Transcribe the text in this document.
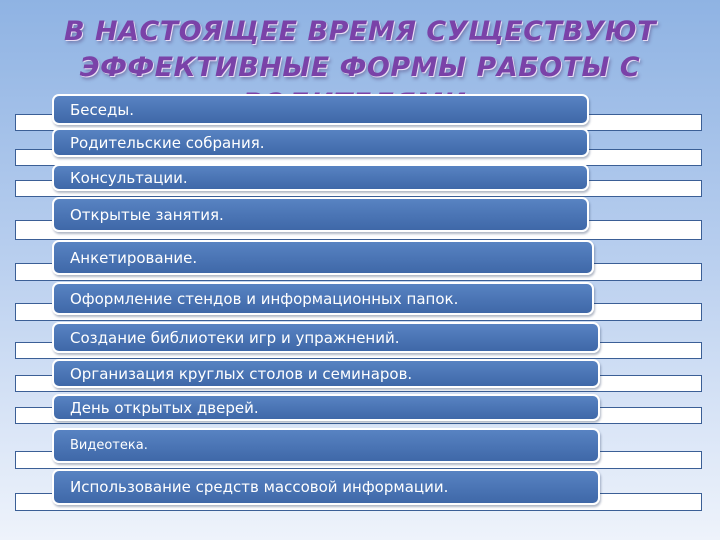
В НАСТОЯЩЕЕ ВРЕМЯ СУЩЕСТВУЮТ
ЭФФЕКТИВНЫЕ ФОРМЫ РАБОТЫ С
Беседы.
Родительские собрания.
Консультации.
Открытые занятия.
Анкетирование.
Оформление стендов и информационных папок.
Создание библиотеки игр и упражнений.
Организация круглых столов и семинаров.
День открытых дверей.
Видеотека.
Использование средств массовой информации.
